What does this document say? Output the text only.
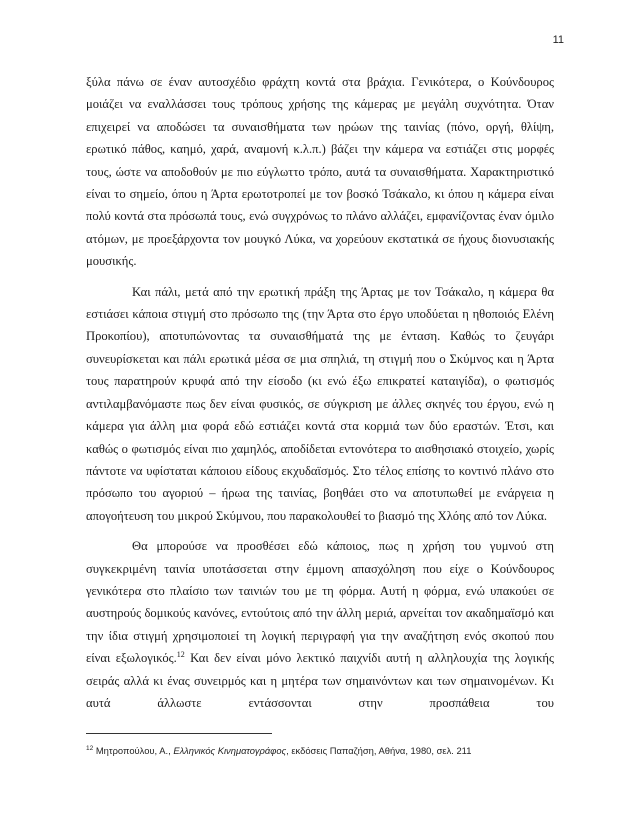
11

ξύλα πάνω σε έναν αυτοσχέδιο φράχτη κοντά στα βράχια. Γενικότερα, ο Κούνδουρος μοιάζει να εναλλάσσει τους τρόπους χρήσης της κάμερας με μεγάλη συχνότητα. Όταν επιχειρεί να αποδώσει τα συναισθήματα των ηρώων της ταινίας (πόνο, οργή, θλίψη, ερωτικό πάθος, καημό, χαρά, αναμονή κ.λ.π.) βάζει την κάμερα να εστιάζει στις μορφές τους, ώστε να αποδοθούν με πιο εύγλωττο τρόπο, αυτά τα συναισθήματα. Χαρακτηριστικό είναι το σημείο, όπου η Άρτα ερωτοτροπεί με τον βοσκό Τσάκαλο, κι όπου η κάμερα είναι πολύ κοντά στα πρόσωπά τους, ενώ συγχρόνως το πλάνο αλλάζει, εμφανίζοντας έναν όμιλο ατόμων, με προεξάρχοντα τον μουγκό Λύκα, να χορεύουν εκστατικά σε ήχους διονυσιακής μουσικής.

Και πάλι, μετά από την ερωτική πράξη της Άρτας με τον Τσάκαλο, η κάμερα θα εστιάσει κάποια στιγμή στο πρόσωπο της (την Άρτα στο έργο υποδύεται η ηθοποιός Ελένη Προκοπίου), αποτυπώνοντας τα συναισθήματά της με ένταση. Καθώς το ζευγάρι συνευρίσκεται και πάλι ερωτικά μέσα σε μια σπηλιά, τη στιγμή που ο Σκύμνος και η Άρτα τους παρατηρούν κρυφά από την είσοδο (κι ενώ έξω επικρατεί καταιγίδα), ο φωτισμός αντιλαμβανόμαστε πως δεν είναι φυσικός, σε σύγκριση με άλλες σκηνές του έργου, ενώ η κάμερα για άλλη μια φορά εδώ εστιάζει κοντά στα κορμιά των δύο εραστών. Έτσι, και καθώς ο φωτισμός είναι πιο χαμηλός, αποδίδεται εντονότερα το αισθησιακό στοιχείο, χωρίς πάντοτε να υφίσταται κάποιου είδους εκχυδαϊσμός. Στο τέλος επίσης το κοντινό πλάνο στο πρόσωπο του αγοριού – ήρωα της ταινίας, βοηθάει στο να αποτυπωθεί με ενάργεια η απογοήτευση του μικρού Σκύμνου, που παρακολουθεί το βιασμό της Χλόης από τον Λύκα.

Θα μπορούσε να προσθέσει εδώ κάποιος, πως η χρήση του γυμνού στη συγκεκριμένη ταινία υποτάσσεται στην έμμονη απασχόληση που είχε ο Κούνδουρος γενικότερα στο πλαίσιο των ταινιών του με τη φόρμα. Αυτή η φόρμα, ενώ υπακούει σε αυστηρούς δομικούς κανόνες, εντούτοις από την άλλη μεριά, αρνείται τον ακαδημαϊσμό και την ίδια στιγμή χρησιμοποιεί τη λογική περιγραφή για την αναζήτηση ενός σκοπού που είναι εξωλογικός.$^{12}$ Και δεν είναι μόνο λεκτικό παιχνίδι αυτή η αλληλουχία της λογικής σειράς αλλά κι ένας συνειρμός και η μητέρα των σημαινόντων και των σημαινομένων. Κι αυτά άλλωστε εντάσσονται στην προσπάθεια του

$^{12}$ Μητροπούλου, Α., Ελληνικός Κινηματογράφος, εκδόσεις Παπαζήση, Αθήνα, 1980, σελ. 211
